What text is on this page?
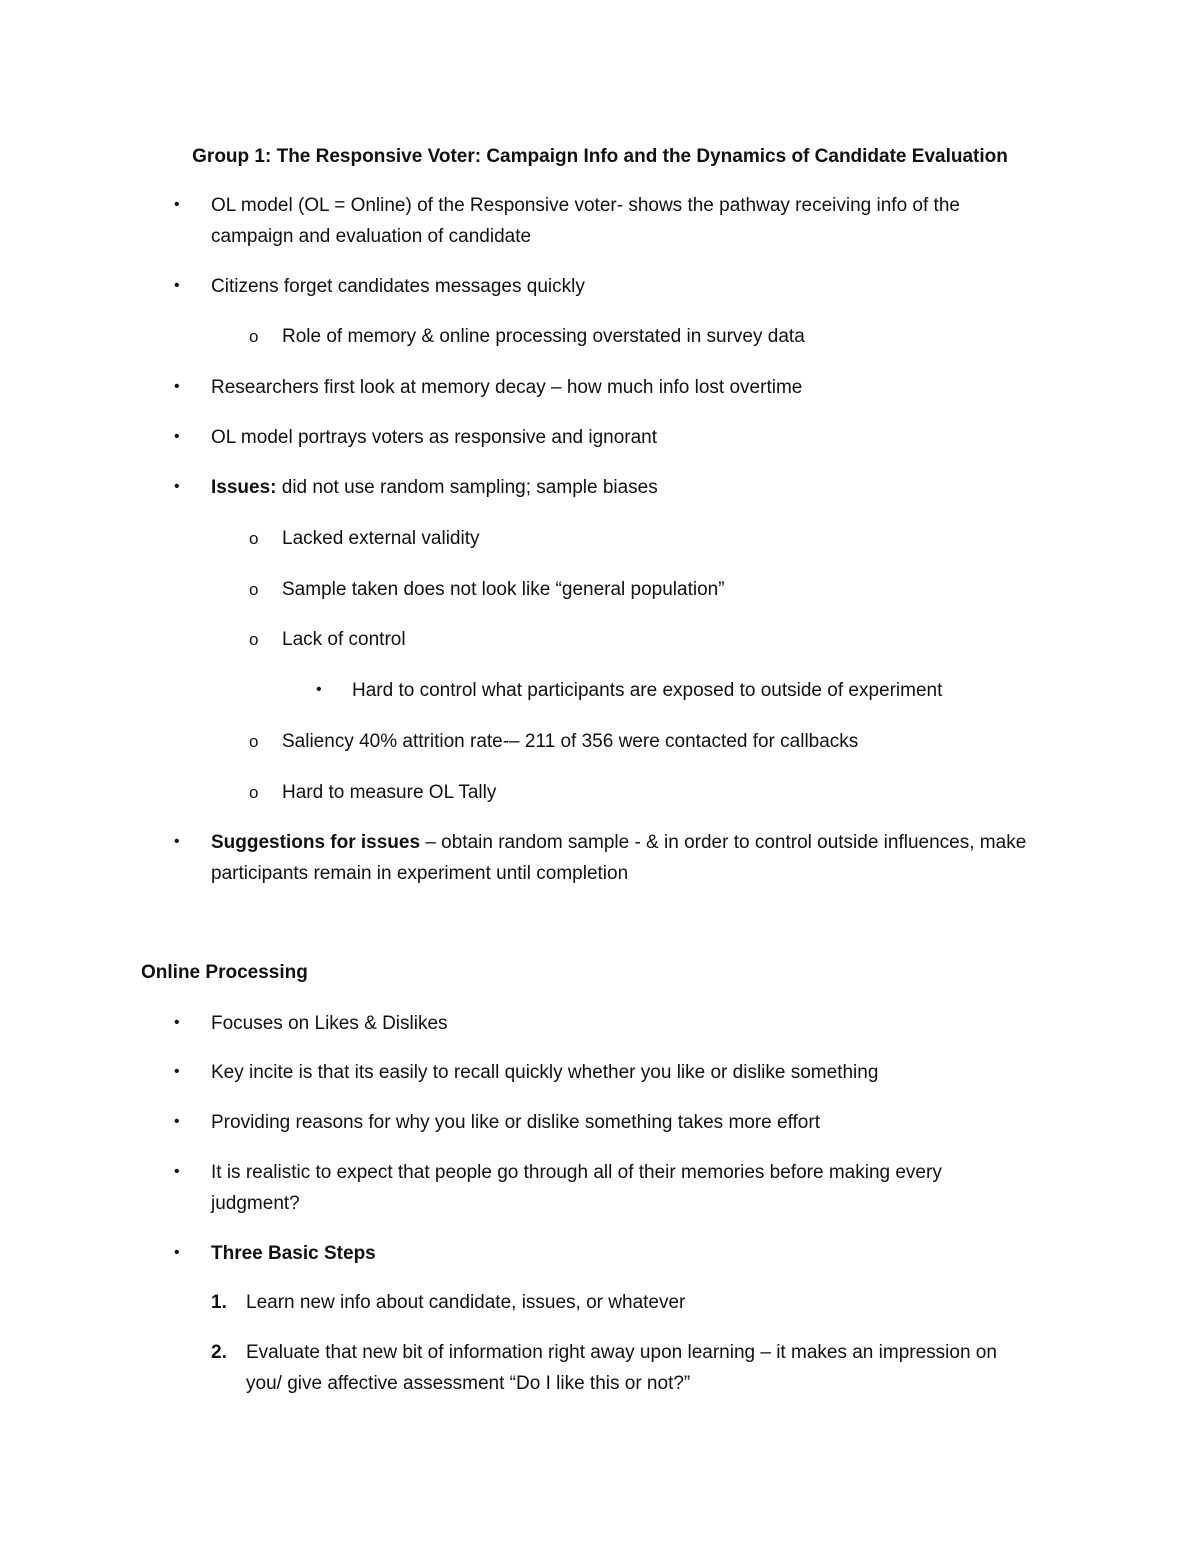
Group 1: The Responsive Voter: Campaign Info and the Dynamics of Candidate Evaluation
• OL model (OL = Online) of the Responsive voter- shows the pathway receiving info of the
campaign and evaluation of candidate
• Citizens forget candidates messages quickly
o Role of memory & online processing overstated in survey data
• Researchers first look at memory decay – how much info lost overtime
• OL model portrays voters as responsive and ignorant
• Issues: did not use random sampling; sample biases
o Lacked external validity
o Sample taken does not look like “general population”
o Lack of control
• Hard to control what participants are exposed to outside of experiment
o Saliency 40% attrition rate-– 211 of 356 were contacted for callbacks
o Hard to measure OL Tally
• Suggestions for issues – obtain random sample - & in order to control outside influences, make
participants remain in experiment until completion
Online Processing
• Focuses on Likes & Dislikes
• Key incite is that its easily to recall quickly whether you like or dislike something
• Providing reasons for why you like or dislike something takes more effort
• It is realistic to expect that people go through all of their memories before making every
judgment?
• Three Basic Steps
1. Learn new info about candidate, issues, or whatever
2. Evaluate that new bit of information right away upon learning – it makes an impression on
you/ give affective assessment “Do I like this or not?”
